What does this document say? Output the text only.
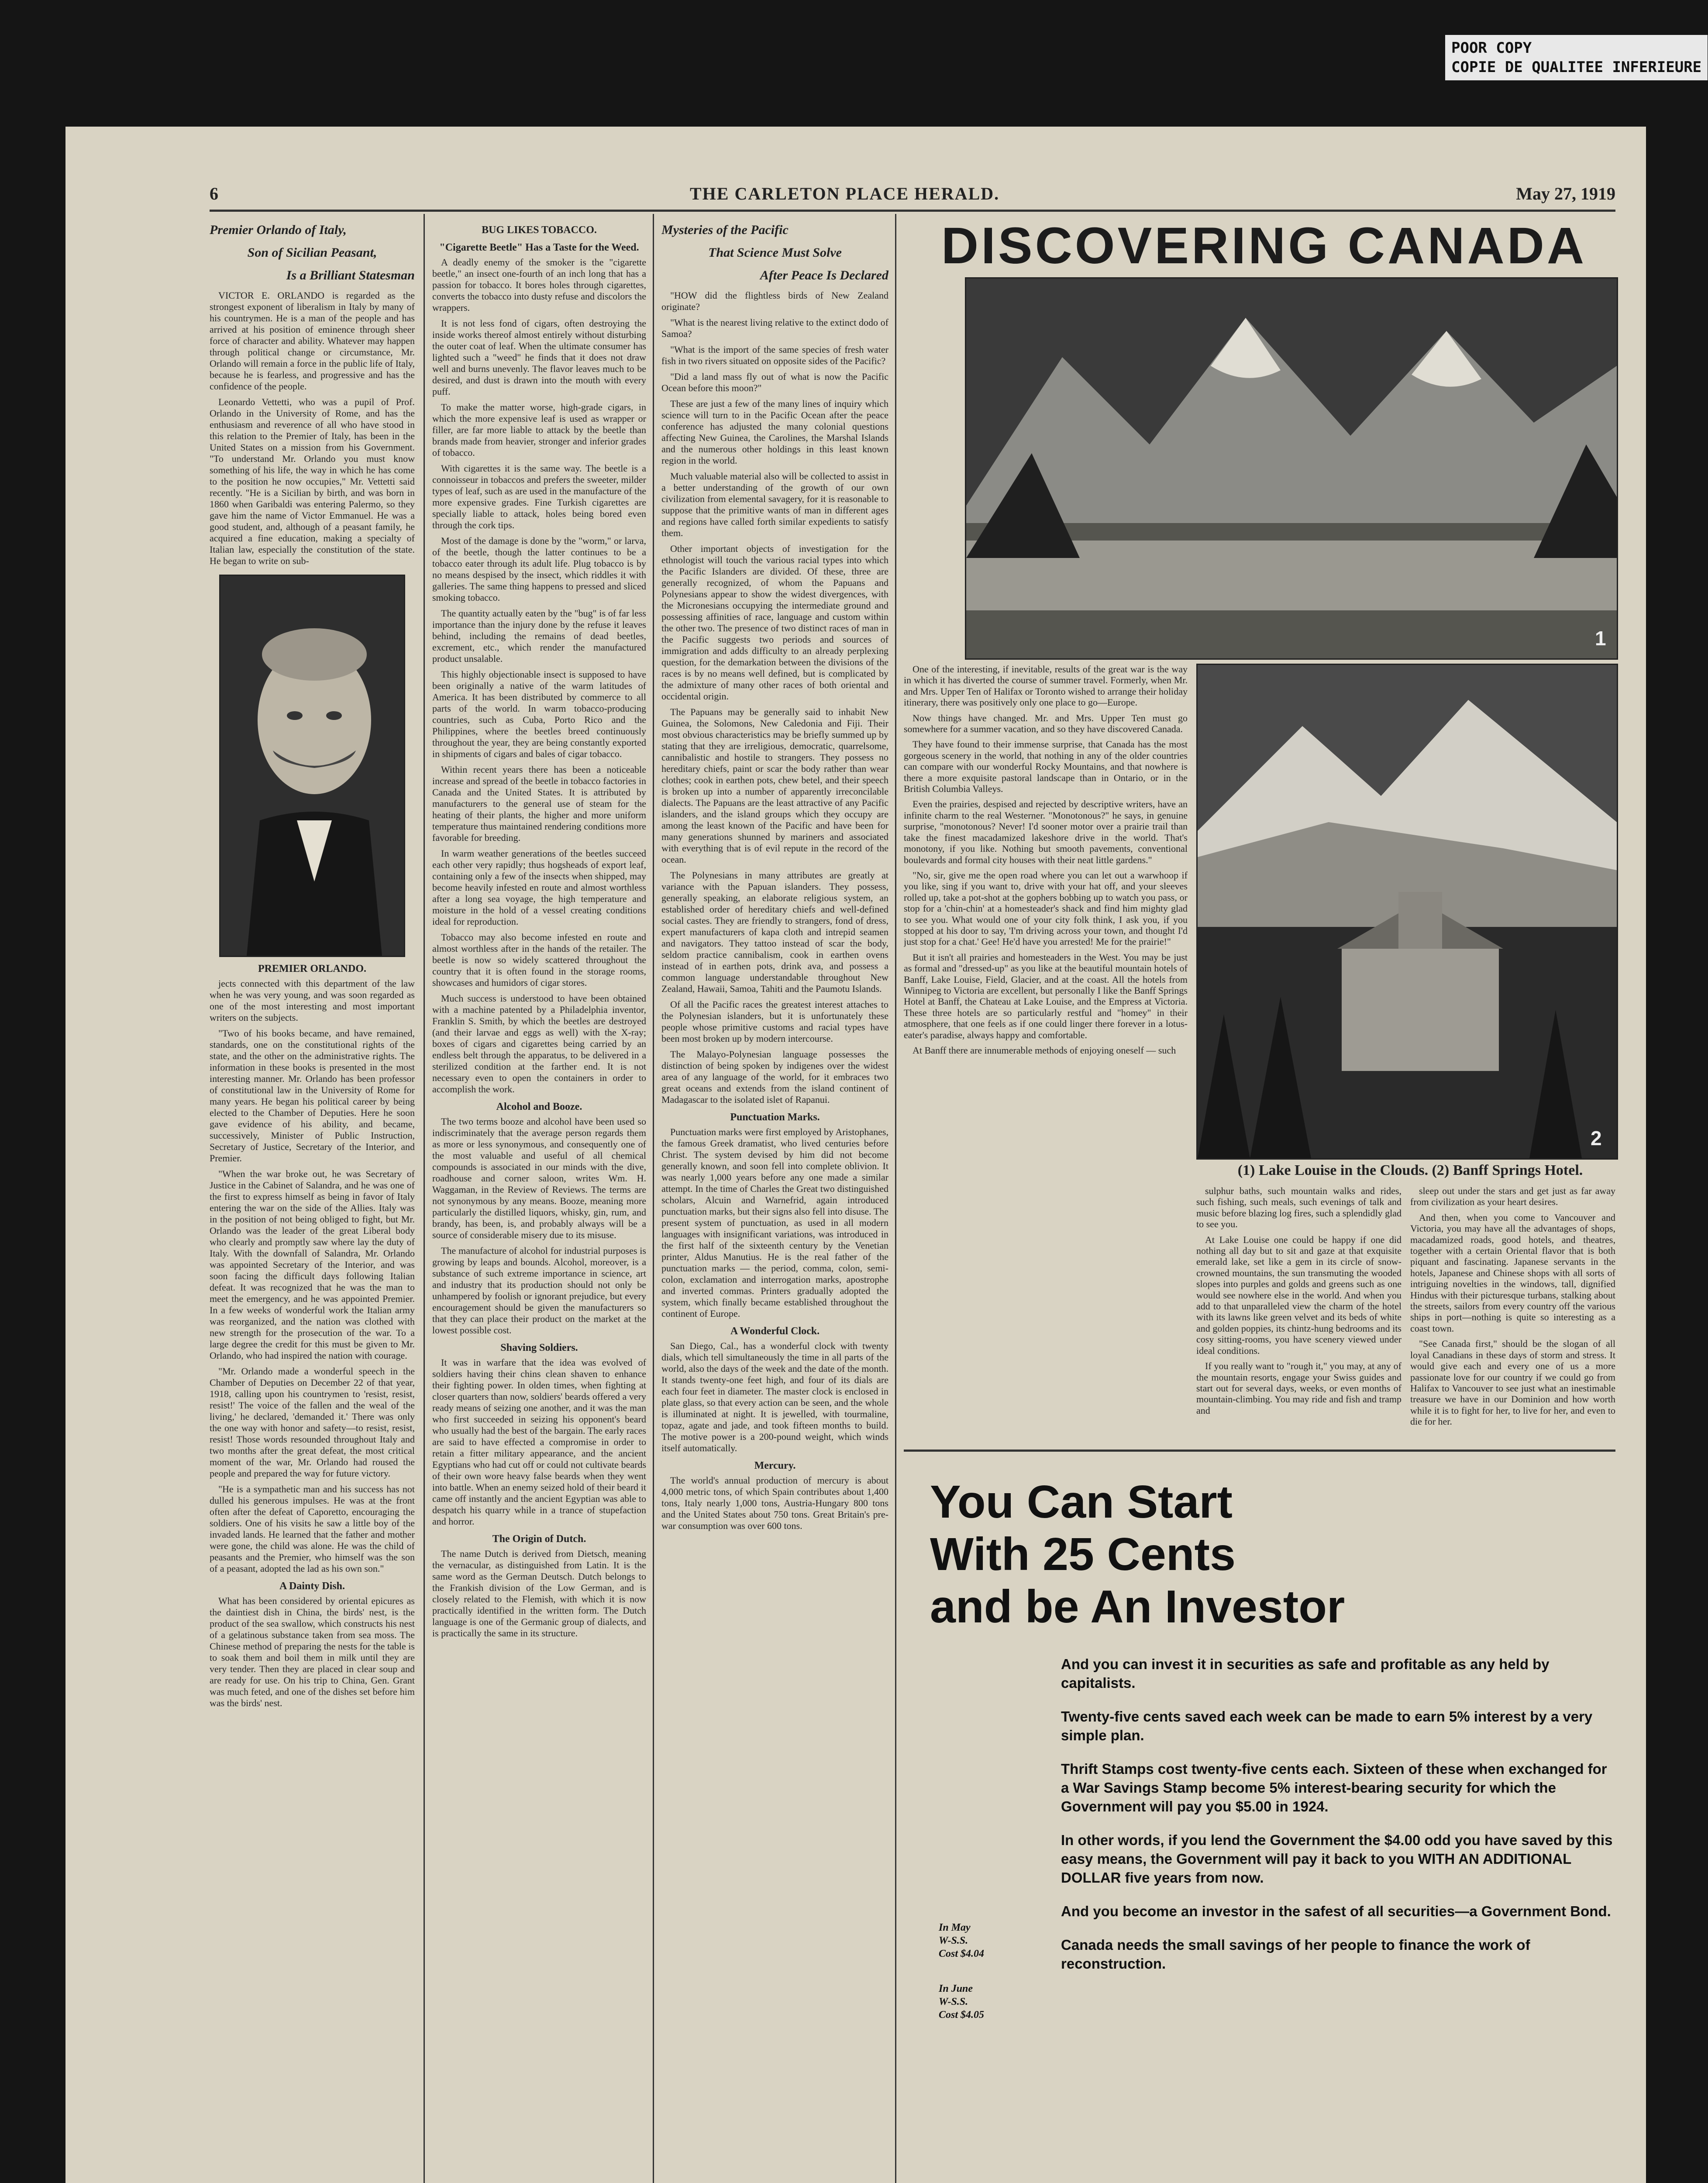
POOR COPY
COPIE DE QUALITEE INFERIEURE
6	THE CARLETON PLACE HERALD.	May 27, 1919
Premier Orlando of Italy,
Son of Sicilian Peasant,
Is a Brilliant Statesman

VICTOR E. ORLANDO is regarded as the strongest exponent of liberalism in Italy by many of his countrymen. He is a man of the people and has arrived at his position of eminence through sheer force of character and ability. Whatever may happen through political change or circumstance, Mr. Orlando will remain a force in the public life of Italy, because he is fearless, and progressive and has the confidence of the people.

Leonardo Vettetti, who was a pupil of Prof. Orlando in the University of Rome, and has the enthusiasm and reverence of all who have stood in this relation to the Premier of Italy, has been in the United States on a mission from his Government. "To understand Mr. Orlando you must know something of his life, the way in which he has come to the position he now occupies," Mr. Vettetti said recently. "He is a Sicilian by birth, and was born in 1860 when Garibaldi was entering Palermo, so they gave him the name of Victor Emmanuel. He was a good student, and, although of a peasant family, he acquired a fine education, making a specialty of Italian law, especially the constitution of the state. He began to write on sub-

PREMIER ORLANDO.

jects connected with this department of the law when he was very young, and was soon regarded as one of the most interesting and most important writers on the subjects.

"Two of his books became, and have remained, standards, one on the constitutional rights of the state, and the other on the administrative rights. The information in these books is presented in the most interesting manner. Mr. Orlando has been professor of constitutional law in the University of Rome for many years. He began his political career by being elected to the Chamber of Deputies. Here he soon gave evidence of his ability, and became, successively, Minister of Public Instruction, Secretary of Justice, Secretary of the Interior, and Premier.

"When the war broke out, he was Secretary of Justice in the Cabinet of Salandra, and he was one of the first to express himself as being in favor of Italy entering the war on the side of the Allies. Italy was in the position of not being obliged to fight, but Mr. Orlando was the leader of the great Liberal body who clearly and promptly saw where lay the duty of Italy. With the downfall of Salandra, Mr. Orlando was appointed Secretary of the Interior, and was soon facing the difficult days following Italian defeat. It was recognized that he was the man to meet the emergency, and he was appointed Premier. In a few weeks of wonderful work the Italian army was reorganized, and the nation was clothed with new strength for the prosecution of the war. To a large degree the credit for this must be given to Mr. Orlando, who had inspired the nation with courage.

"Mr. Orlando made a wonderful speech in the Chamber of Deputies on December 22 of that year, 1918, calling upon his countrymen to 'resist, resist, resist!' The voice of the fallen and the weal of the living,' he declared, 'demanded it.' There was only the one way with honor and safety—to resist, resist, resist! Those words resounded throughout Italy and two months after the great defeat, the most critical moment of the war, Mr. Orlando had roused the people and prepared the way for future victory.

"He is a sympathetic man and his success has not dulled his generous impulses. He was at the front often after the defeat of Caporetto, encouraging the soldiers. One of his visits he saw a little boy of the invaded lands. He learned that the father and mother were gone, the child was alone. He was the child of peasants and the Premier, who himself was the son of a peasant, adopted the lad as his own son."

A Dainty Dish.

What has been considered by oriental epicures as the daintiest dish in China, the birds' nest, is the product of the sea swallow, which constructs his nest of a gelatinous substance taken from sea moss. The Chinese method of preparing the nests for the table is to soak them and boil them in milk until they are very tender. Then they are placed in clear soup and are ready for use. On his trip to China, Gen. Grant was much feted, and one of the dishes set before him was the birds' nest.

BUG LIKES TOBACCO.
"Cigarette Beetle" Has a Taste for the Weed.

A deadly enemy of the smoker is the "cigarette beetle," an insect one-fourth of an inch long that has a passion for tobacco. It bores holes through cigarettes, converts the tobacco into dusty refuse and discolors the wrappers.

It is not less fond of cigars, often destroying the inside works thereof almost entirely without disturbing the outer coat of leaf. When the ultimate consumer has lighted such a "weed" he finds that it does not draw well and burns unevenly. The flavor leaves much to be desired, and dust is drawn into the mouth with every puff.

To make the matter worse, high-grade cigars, in which the more expensive leaf is used as wrapper or filler, are far more liable to attack by the beetle than brands made from heavier, stronger and inferior grades of tobacco.

With cigarettes it is the same way. The beetle is a connoisseur in tobaccos and prefers the sweeter, milder types of leaf, such as are used in the manufacture of the more expensive grades. Fine Turkish cigarettes are specially liable to attack, holes being bored even through the cork tips.

Most of the damage is done by the "worm," or larva, of the beetle, though the latter continues to be a tobacco eater through its adult life. Plug tobacco is by no means despised by the insect, which riddles it with galleries. The same thing happens to pressed and sliced smoking tobacco.

The quantity actually eaten by the "bug" is of far less importance than the injury done by the refuse it leaves behind, including the remains of dead beetles, excrement, etc., which render the manufactured product unsalable.

This highly objectionable insect is supposed to have been originally a native of the warm latitudes of America. It has been distributed by commerce to all parts of the world. In warm tobacco-producing countries, such as Cuba, Porto Rico and the Philippines, where the beetles breed continuously throughout the year, they are being constantly exported in shipments of cigars and bales of cigar tobacco.

Within recent years there has been a noticeable increase and spread of the beetle in tobacco factories in Canada and the United States. It is attributed by manufacturers to the general use of steam for the heating of their plants, the higher and more uniform temperature thus maintained rendering conditions more favorable for breeding.

In warm weather generations of the beetles succeed each other very rapidly; thus hogsheads of export leaf, containing only a few of the insects when shipped, may become heavily infested en route and almost worthless after a long sea voyage, the high temperature and moisture in the hold of a vessel creating conditions ideal for reproduction.

Tobacco may also become infested en route and almost worthless after in the hands of the retailer. The beetle is now so widely scattered throughout the country that it is often found in the storage rooms, showcases and humidors of cigar stores.

Much success is understood to have been obtained with a machine patented by a Philadelphia inventor, Franklin S. Smith, by which the beetles are destroyed (and their larvae and eggs as well) with the X-ray; boxes of cigars and cigarettes being carried by an endless belt through the apparatus, to be delivered in a sterilized condition at the farther end. It is not necessary even to open the containers in order to accomplish the work.

Alcohol and Booze.

The two terms booze and alcohol have been used so indiscriminately that the average person regards them as more or less synonymous, and consequently one of the most valuable and useful of all chemical compounds is associated in our minds with the dive, roadhouse and corner saloon, writes Wm. H. Waggaman, in the Review of Reviews. The terms are not synonymous by any means. Booze, meaning more particularly the distilled liquors, whisky, gin, rum, and brandy, has been, is, and probably always will be a source of considerable misery due to its misuse.

The manufacture of alcohol for industrial purposes is growing by leaps and bounds. Alcohol, moreover, is a substance of such extreme importance in science, art and industry that its production should not only be unhampered by foolish or ignorant prejudice, but every encouragement should be given the manufacturers so that they can place their product on the market at the lowest possible cost.

Shaving Soldiers.

It was in warfare that the idea was evolved of soldiers having their chins clean shaven to enhance their fighting power. In olden times, when fighting at closer quarters than now, soldiers' beards offered a very ready means of seizing one another, and it was the man who first succeeded in seizing his opponent's beard who usually had the best of the bargain. The early races are said to have effected a compromise in order to retain a fitter military appearance, and the ancient Egyptians who had cut off or could not cultivate beards of their own wore heavy false beards when they went into battle. When an enemy seized hold of their beard it came off instantly and the ancient Egyptian was able to despatch his quarry while in a trance of stupefaction and horror.

The Origin of Dutch.

The name Dutch is derived from Dietsch, meaning the vernacular, as distinguished from Latin. It is the same word as the German Deutsch. Dutch belongs to the Frankish division of the Low German, and is closely related to the Flemish, with which it is now practically identified in the written form. The Dutch language is one of the Germanic group of dialects, and is practically the same in its structure.

Mysteries of the Pacific
That Science Must Solve
After Peace Is Declared

"HOW did the flightless birds of New Zealand originate?

"What is the nearest living relative to the extinct dodo of Samoa?

"What is the import of the same species of fresh water fish in two rivers situated on opposite sides of the Pacific?

"Did a land mass fly out of what is now the Pacific Ocean before this moon?"

These are just a few of the many lines of inquiry which science will turn to in the Pacific Ocean after the peace conference has adjusted the many colonial questions affecting New Guinea, the Carolines, the Marshal Islands and the numerous other holdings in this least known region in the world.

Much valuable material also will be collected to assist in a better understanding of the growth of our own civilization from elemental savagery, for it is reasonable to suppose that the primitive wants of man in different ages and regions have called forth similar expedients to satisfy them.

Other important objects of investigation for the ethnologist will touch the various racial types into which the Pacific Islanders are divided. Of these, three are generally recognized, of whom the Papuans and Polynesians appear to show the widest divergences, with the Micronesians occupying the intermediate ground and possessing affinities of race, language and custom within the other two. The presence of two distinct races of man in the Pacific suggests two periods and sources of immigration and adds difficulty to an already perplexing question, for the demarkation between the divisions of the races is by no means well defined, but is complicated by the admixture of many other races of both oriental and occidental origin.

The Papuans may be generally said to inhabit New Guinea, the Solomons, New Caledonia and Fiji. Their most obvious characteristics may be briefly summed up by stating that they are irreligious, democratic, quarrelsome, cannibalistic and hostile to strangers. They possess no hereditary chiefs, paint or scar the body rather than wear clothes; cook in earthen pots, chew betel, and their speech is broken up into a number of apparently irreconcilable dialects. The Papuans are the least attractive of any Pacific islanders, and the island groups which they occupy are among the least known of the Pacific and have been for many generations shunned by mariners and associated with everything that is of evil repute in the record of the ocean.

The Polynesians in many attributes are greatly at variance with the Papuan islanders. They possess, generally speaking, an elaborate religious system, an established order of hereditary chiefs and well-defined social castes. They are friendly to strangers, fond of dress, expert manufacturers of kapa cloth and intrepid seamen and navigators. They tattoo instead of scar the body, seldom practice cannibalism, cook in earthen ovens instead of in earthen pots, drink ava, and possess a common language understandable throughout New Zealand, Hawaii, Samoa, Tahiti and the Paumotu Islands.

Of all the Pacific races the greatest interest attaches to the Polynesian islanders, but it is unfortunately these people whose primitive customs and racial types have been most broken up by modern intercourse.

The Malayo-Polynesian language possesses the distinction of being spoken by indigenes over the widest area of any language of the world, for it embraces two great oceans and extends from the island continent of Madagascar to the isolated islet of Rapanui.

Punctuation Marks.

Punctuation marks were first employed by Aristophanes, the famous Greek dramatist, who lived centuries before Christ. The system devised by him did not become generally known, and soon fell into complete oblivion. It was nearly 1,000 years before any one made a similar attempt. In the time of Charles the Great two distinguished scholars, Alcuin and Warnefrid, again introduced punctuation marks, but their signs also fell into disuse. The present system of punctuation, as used in all modern languages with insignificant variations, was introduced in the first half of the sixteenth century by the Venetian printer, Aldus Manutius. He is the real father of the punctuation marks — the period, comma, colon, semi-colon, exclamation and interrogation marks, apostrophe and inverted commas. Printers gradually adopted the system, which finally became established throughout the continent of Europe.

A Wonderful Clock.

San Diego, Cal., has a wonderful clock with twenty dials, which tell simultaneously the time in all parts of the world, also the days of the week and the date of the month. It stands twenty-one feet high, and four of its dials are each four feet in diameter. The master clock is enclosed in plate glass, so that every action can be seen, and the whole is illuminated at night. It is jewelled, with tourmaline, topaz, agate and jade, and took fifteen months to build. The motive power is a 200-pound weight, which winds itself automatically.

Mercury.

The world's annual production of mercury is about 4,000 metric tons, of which Spain contributes about 1,400 tons, Italy nearly 1,000 tons, Austria-Hungary 800 tons and the United States about 750 tons. Great Britain's pre-war consumption was over 600 tons.

DISCOVERING CANADA
1
2

One of the interesting, if inevitable, results of the great war is the way in which it has diverted the course of summer travel. Formerly, when Mr. and Mrs. Upper Ten of Halifax or Toronto wished to arrange their holiday itinerary, there was positively only one place to go—Europe.

Now things have changed. Mr. and Mrs. Upper Ten must go somewhere for a summer vacation, and so they have discovered Canada.

They have found to their immense surprise, that Canada has the most gorgeous scenery in the world, that nothing in any of the older countries can compare with our wonderful Rocky Mountains, and that nowhere is there a more exquisite pastoral landscape than in Ontario, or in the British Columbia Valleys.

Even the prairies, despised and rejected by descriptive writers, have an infinite charm to the real Westerner. "Monotonous?" he says, in genuine surprise, "monotonous? Never! I'd sooner motor over a prairie trail than take the finest macadamized lakeshore drive in the world. That's monotony, if you like. Nothing but smooth pavements, conventional boulevards and formal city houses with their neat little gardens."

"No, sir, give me the open road where you can let out a warwhoop if you like, sing if you want to, drive with your hat off, and your sleeves rolled up, take a pot-shot at the gophers bobbing up to watch you pass, or stop for a 'chin-chin' at a homesteader's shack and find him mighty glad to see you. What would one of your city folk think, I ask you, if you stopped at his door to say, 'I'm driving across your town, and thought I'd just stop for a chat.' Gee! He'd have you arrested! Me for the prairie!"

But it isn't all prairies and homesteaders in the West. You may be just as formal and "dressed-up" as you like at the beautiful mountain hotels of Banff, Lake Louise, Field, Glacier, and at the coast. All the hotels from Winnipeg to Victoria are excellent, but personally I like the Banff Springs Hotel at Banff, the Chateau at Lake Louise, and the Empress at Victoria. These three hotels are so particularly restful and "homey" in their atmosphere, that one feels as if one could linger there forever in a lotus-eater's paradise, always happy and comfortable.

At Banff there are innumerable methods of enjoying oneself — such

(1) Lake Louise in the Clouds. (2) Banff Springs Hotel.

sulphur baths, such mountain walks and rides, such fishing, such meals, such evenings of talk and music before blazing log fires, such a splendidly glad to see you.

At Lake Louise one could be happy if one did nothing all day but to sit and gaze at that exquisite emerald lake, set like a gem in its circle of snow-crowned mountains, the sun transmuting the wooded slopes into purples and golds and greens such as one would see nowhere else in the world. And when you add to that unparalleled view the charm of the hotel with its lawns like green velvet and its beds of white and golden poppies, its chintz-hung bedrooms and its cosy sitting-rooms, you have scenery viewed under ideal conditions.

If you really want to "rough it," you may, at any of the mountain resorts, engage your Swiss guides and start out for several days, weeks, or even months of mountain-climbing. You may ride and fish and tramp and

sleep out under the stars and get just as far away from civilization as your heart desires.

And then, when you come to Vancouver and Victoria, you may have all the advantages of shops, macadamized roads, good hotels, and theatres, together with a certain Oriental flavor that is both piquant and fascinating. Japanese servants in the hotels, Japanese and Chinese shops with all sorts of intriguing novelties in the windows, tall, dignified Hindus with their picturesque turbans, stalking about the streets, sailors from every country off the various ships in port—nothing is quite so interesting as a coast town.

"See Canada first," should be the slogan of all loyal Canadians in these days of storm and stress. It would give each and every one of us a more passionate love for our country if we could go from Halifax to Vancouver to see just what an inestimable treasure we have in our Dominion and how worth while it is to fight for her, to live for her, and even to die for her.

You Can Start
With 25 Cents
and be An Investor

And you can invest it in securities as safe and profitable as any held by capitalists.

Twenty-five cents saved each week can be made to earn 5% interest by a very simple plan.

Thrift Stamps cost twenty-five cents each. Sixteen of these when exchanged for a War Savings Stamp become 5% interest-bearing security for which the Government will pay you $5.00 in 1924.

In other words, if you lend the Government the $4.00 odd you have saved by this easy means, the Government will pay it back to you WITH AN ADDITIONAL DOLLAR five years from now.

And you become an investor in the safest of all securities—a Government Bond.

Canada needs the small savings of her people to finance the work of reconstruction.

In May
W-S.S.
Cost $4.04
In June
W-S.S.
Cost $4.05
